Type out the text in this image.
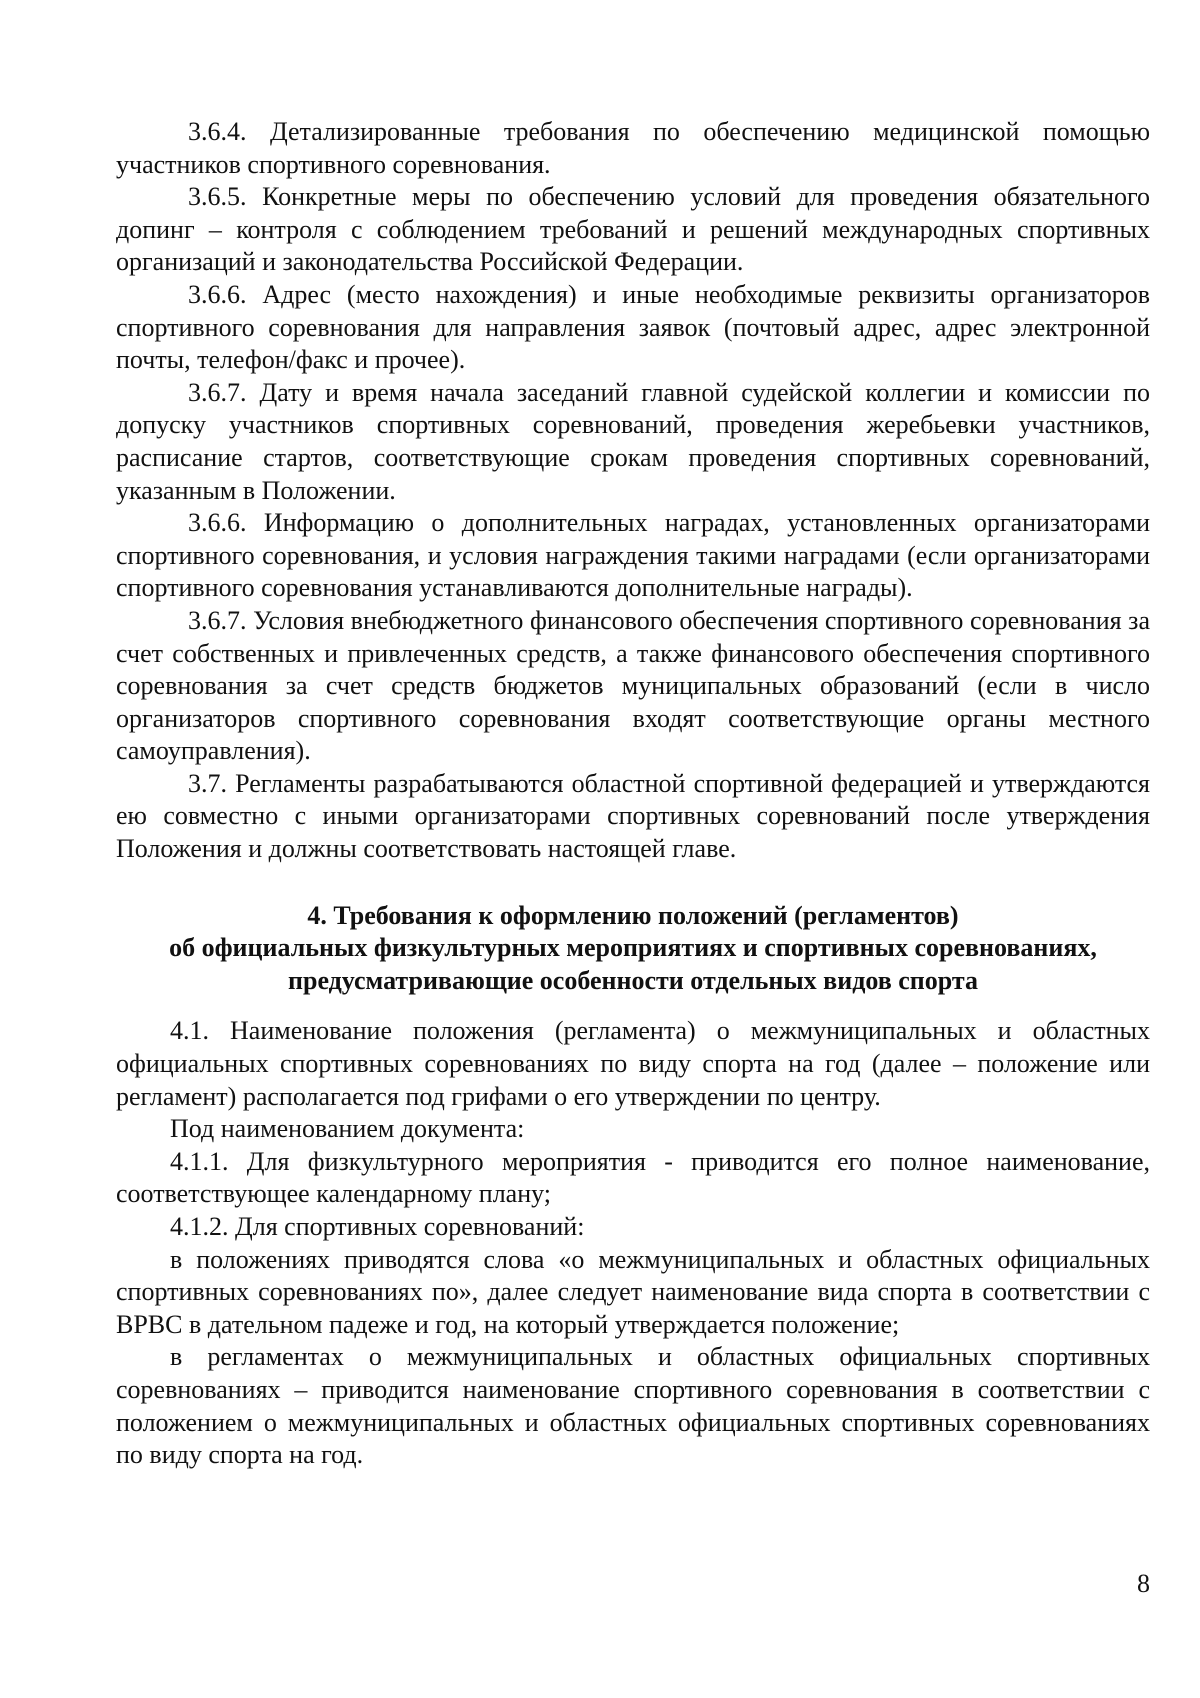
3.6.4. Детализированные требования по обеспечению медицинской помощью участников спортивного соревнования.

3.6.5. Конкретные меры по обеспечению условий для проведения обязательного допинг – контроля с соблюдением требований и решений международных спортивных организаций и законодательства Российской Федерации.

3.6.6. Адрес (место нахождения) и иные необходимые реквизиты организаторов спортивного соревнования для направления заявок (почтовый адрес, адрес электронной почты, телефон/факс и прочее).

3.6.7. Дату и время начала заседаний главной судейской коллегии и комиссии по допуску участников спортивных соревнований, проведения жеребьевки участников, расписание стартов, соответствующие срокам проведения спортивных соревнований, указанным в Положении.

3.6.6. Информацию о дополнительных наградах, установленных организаторами спортивного соревнования, и условия награждения такими наградами (если организаторами спортивного соревнования устанавливаются дополнительные награды).

3.6.7. Условия внебюджетного финансового обеспечения спортивного соревнования за счет собственных и привлеченных средств, а также финансового обеспечения спортивного соревнования за счет средств бюджетов муниципальных образований (если в число организаторов спортивного соревнования входят соответствующие органы местного самоуправления).

3.7. Регламенты разрабатываются областной спортивной федерацией и утверждаются ею совместно с иными организаторами спортивных соревнований после утверждения Положения и должны соответствовать настоящей главе.

4. Требования к оформлению положений (регламентов)
об официальных физкультурных мероприятиях и спортивных соревнованиях,
предусматривающие особенности отдельных видов спорта

4.1. Наименование положения (регламента) о межмуниципальных и областных официальных спортивных соревнованиях по виду спорта на год (далее – положение или регламент) располагается под грифами о его утверждении по центру.

Под наименованием документа:

4.1.1. Для физкультурного мероприятия - приводится его полное наименование, соответствующее календарному плану;

4.1.2. Для спортивных соревнований:

в положениях приводятся слова «о межмуниципальных и областных официальных спортивных соревнованиях по», далее следует наименование вида спорта в соответствии с ВРВС в дательном падеже и год, на который утверждается положение;

в регламентах о межмуниципальных и областных официальных спортивных соревнованиях – приводится наименование спортивного соревнования в соответствии с положением о межмуниципальных и областных официальных спортивных соревнованиях по виду спорта на год.

8
